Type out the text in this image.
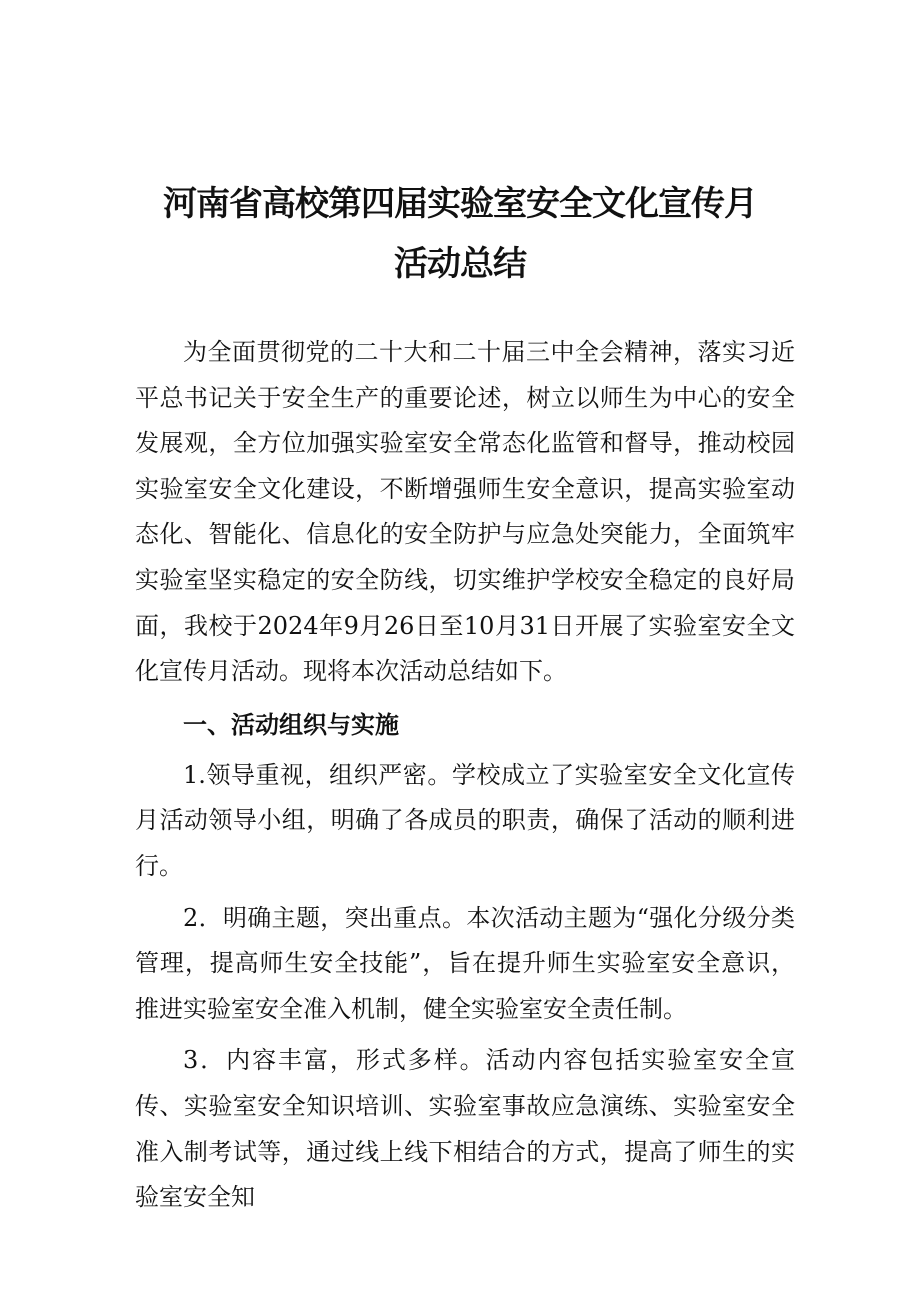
河南省高校第四届实验室安全文化宣传月
活动总结

为全面贯彻党的二十大和二十届三中全会精神，落实习近平总书记关于安全生产的重要论述，树立以师生为中心的安全发展观，全方位加强实验室安全常态化监管和督导，推动校园实验室安全文化建设，不断增强师生安全意识，提高实验室动态化、智能化、信息化的安全防护与应急处突能力，全面筑牢实验室坚实稳定的安全防线，切实维护学校安全稳定的良好局面，我校于2024年9月26日至10月31日开展了实验室安全文化宣传月活动。现将本次活动总结如下。

一、活动组织与实施

1.领导重视，组织严密。学校成立了实验室安全文化宣传月活动领导小组，明确了各成员的职责，确保了活动的顺利进行。

2．明确主题，突出重点。本次活动主题为“强化分级分类管理，提高师生安全技能”，旨在提升师生实验室安全意识，推进实验室安全准入机制，健全实验室安全责任制。

3．内容丰富，形式多样。活动内容包括实验室安全宣传、实验室安全知识培训、实验室事故应急演练、实验室安全准入制考试等，通过线上线下相结合的方式，提高了师生的实验室安全知
